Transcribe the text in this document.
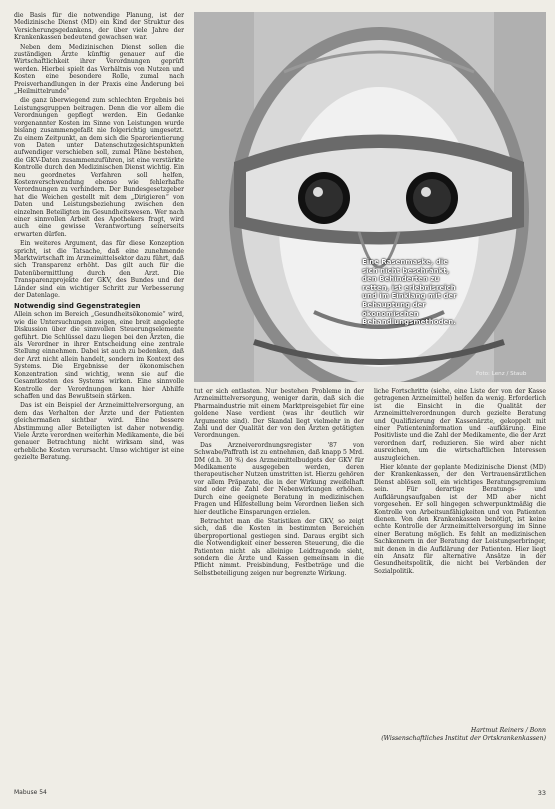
die Basis für die notwendige Planung, ist der Medizinische Dienst (MD) ein Kind der Struktur des Versicherungsgedankens, der über viele Jahre der Krankenkassen bedeutend gewachsen war.

Neben dem Medizinischen Dienst sollen die zuständigen Ärzte künftig genauer auf die Wirtschaftlichkeit ihrer Verordnungen geprüft werden. Hierbei spielt das Verhältnis von Nutzen und Kosten eine besondere Rolle, zumal nach Preisverhandlungen in der Praxis eine Änderung bei „Heilmittelrunde“

die ganz überwiegend zum schlechten Ergebnis bei Leistungsgruppen beitragen. Denn die vor allem die Verordnungen gepflegt werden. Ein Gedanke vorgenannter Kosten im Sinne von Leistungen wurde bislang zusammengefaßt nie folgerichtig umgesetzt. Zu einem Zeitpunkt, an dem sich die Sparorientierung von Daten unter Datenschutzgesichtspunkten aufwendiger verschieben soll, zumal Pläne bestehen, die GKV-Daten zusammenzuführen, ist eine verstärkte Kontrolle durch den Medizinischen Dienst wichtig. Ein neu geordnetes Verfahren soll helfen, Kostenverschwendung ebenso wie fehlerhafte Verordnungen zu verhindern. Der Bundesgesetzgeber hat die Weichen gestellt mit dem „Dirigieren“ von Daten und Leistungsbeziehung zwischen den einzelnen Beteiligten im Gesundheitswesen. Wer nach einer sinnvollen Arbeit des Apothekers fragt, wird auch eine gewisse Verantwortung seinerseits erwarten dürfen.

Ein weiteres Argument, das für diese Konzeption spricht, ist die Tatsache, daß eine zunehmende Marktwirtschaft im Arzneimittelsektor dazu führt, daß sich Transparenz erhöht. Das gilt auch für die Datenübermittlung durch den Arzt. Die Transparenzprojekte der GKV, des Bundes und der Länder sind ein wichtiger Schritt zur Verbesserung der Datenlage.

Notwendig sind Gegenstrategien

Allein schon im Bereich „Gesundheitsökonomie“ wird, wie die Untersuchungen zeigen, eine breit angelegte Diskussion über die sinnvollen Steuerungselemente geführt. Die Schlüssel dazu liegen bei den Ärzten, die als Verordner in ihrer Entscheidung eine zentrale Stellung einnehmen. Dabei ist auch zu bedenken, daß der Arzt nicht allein handelt, sondern im Kontext des Systems. Die Ergebnisse der ökonomischen Konzentration sind wichtig, wenn sie auf die Gesamtkosten des Systems wirken. Eine sinnvolle Kontrolle der Verordnungen kann hier Abhilfe schaffen und das Bewußtsein stärken.

Das ist ein Beispiel der Arzneimittelversorgung, an dem das Verhalten der Ärzte und der Patienten gleichermaßen sichtbar wird. Eine bessere Abstimmung aller Beteiligten ist daher notwendig. Viele Ärzte verordnen weiterhin Medikamente, die bei genauer Betrachtung nicht wirksam sind, was erhebliche Kosten verursacht. Umso wichtiger ist eine gezielte Beratung.

Eine Rasenmaske, die sich nicht beschränkt, den Behinderten zu retten, ist erlebnisreich und im Einklang mit der Behauptung der ökonomischen Behandlungsmethoden.
Foto: Lenz / Staub

tut er sich entlasten. Nur bestehen Probleme in der Arzneimittelversorgung, weniger darin, daß sich die Pharmaindustrie mit einem Marktpreisgebiet für eine goldene Nase verdient (was ihr deutlich wir Argumente sind). Der Skandal liegt vielmehr in der Zahl und der Qualität der von den Ärzten getätigten Verordnungen.

Das Arzneiverordnungsregister '87 von Schwabe/Paffrath ist zu entnehmen, daß knapp 5 Mrd. DM (d.h. 30 %) des Arzneimittelbudgets der GKV für Medikamente ausgegeben werden, deren therapeutischer Nutzen umstritten ist. Hierzu gehören vor allem Präparate, die in der Wirkung zweifelhaft sind oder die Zahl der Nebenwirkungen erhöhen. Durch eine geeignete Beratung in medizinischen Fragen und Hilfestellung beim Verordnen ließen sich hier deutliche Einsparungen erzielen.

Betrachtet man die Statistiken der GKV, so zeigt sich, daß die Kosten in bestimmten Bereichen überproportional gestiegen sind. Daraus ergibt sich die Notwendigkeit einer besseren Steuerung, die die Patienten nicht als alleinige Leidtragende sieht, sondern die Ärzte und Kassen gemeinsam in die Pflicht nimmt. Preisbindung, Festbeträge und die Selbstbeteiligung zeigen nur begrenzte Wirkung.

liche Fortschritte (siehe, eine Liste der von der Kasse getragenen Arzneimittel) helfen da wenig. Erforderlich ist die Einsicht in die Qualität der Arzneimittelverordnungen durch gezielte Beratung und Qualifizierung der Kassenärzte, gekoppelt mit einer Patienteninformation und -aufklärung. Eine Positivliste und die Zahl der Medikamente, die der Arzt verordnen darf, reduzieren. Sie wird aber nicht ausreichen, um die wirtschaftlichen Interessen auszugleichen.

Hier könnte der geplante Medizinische Dienst (MD) der Krankenkassen, der den Vertrauensärztlichen Dienst ablösen soll, ein wichtiges Beratungsgremium sein. Für derartige Beratungs- und Aufklärungsaufgaben ist der MD aber nicht vorgesehen. Er soll hingegen schwerpunktmäßig die Kontrolle von Arbeitsunfähigkeiten und von Patienten dienen. Von den Krankenkassen benötigt, ist keine echte Kontrolle der Arzneimittelversorgung im Sinne einer Beratung möglich. Es fehlt an medizinischen Sachkennern in der Beratung der Leistungserbringer, mit denen in die Aufklärung der Patienten. Hier liegt ein Ansatz für alternative Ansätze in der Gesundheitspolitik, die nicht bei Verbänden der Sozialpolitik.

Hartmut Reiners / Bonn
(Wissenschaftliches Institut der Ortskrankenkassen)
Mabuse 54	33
